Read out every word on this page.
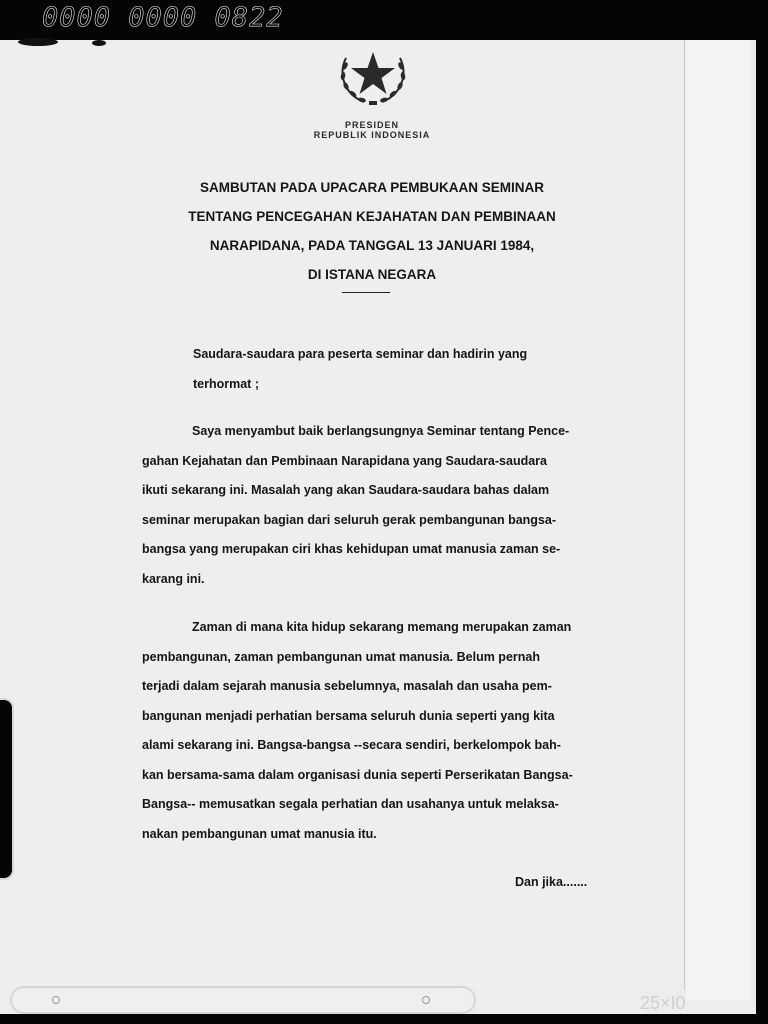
0000 0000 0822
PRESIDEN
REPUBLIK INDONESIA
SAMBUTAN PADA UPACARA PEMBUKAAN SEMINAR
TENTANG PENCEGAHAN KEJAHATAN DAN PEMBINAAN
NARAPIDANA, PADA TANGGAL 13 JANUARI 1984,
DI ISTANA NEGARA
Saudara-saudara para peserta seminar dan hadirin yang
terhormat ;
Saya menyambut baik berlangsungnya Seminar tentang Pence-
gahan Kejahatan dan Pembinaan Narapidana yang Saudara-saudara
ikuti sekarang ini. Masalah yang akan Saudara-saudara bahas dalam
seminar merupakan bagian dari seluruh gerak pembangunan bangsa-
bangsa yang merupakan ciri khas kehidupan umat manusia zaman se-
karang ini.
Zaman di mana kita hidup sekarang memang merupakan zaman
pembangunan, zaman pembangunan umat manusia. Belum pernah
terjadi dalam sejarah manusia sebelumnya, masalah dan usaha pem-
bangunan menjadi perhatian bersama seluruh dunia seperti yang kita
alami sekarang ini. Bangsa-bangsa --secara sendiri, berkelompok bah-
kan bersama-sama dalam organisasi dunia seperti Perserikatan Bangsa-
Bangsa-- memusatkan segala perhatian dan usahanya untuk melaksa-
nakan pembangunan umat manusia itu.
Dan jika.......
25×I0
